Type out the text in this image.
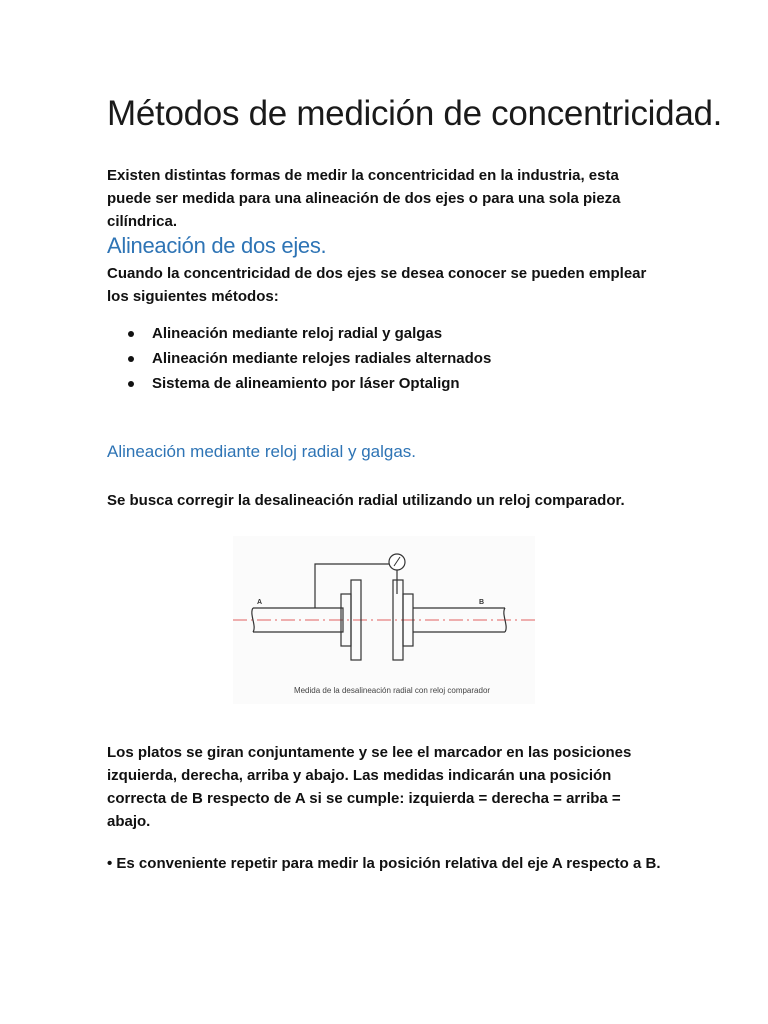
Métodos de medición de concentricidad.

Existen distintas formas de medir la concentricidad en la industria, esta puede ser medida para una alineación de dos ejes o para una sola pieza cilíndrica.

Alineación de dos ejes.

Cuando la concentricidad de dos ejes se desea conocer se pueden emplear los siguientes métodos:

Alineación mediante reloj radial y galgas
Alineación mediante relojes radiales alternados
Sistema de alineamiento por láser Optalign
Alineación mediante reloj radial y galgas.

Se busca corregir la desalineación radial utilizando un reloj comparador.

A	B
Medida de la desalineación radial con reloj comparador

Los platos se giran conjuntamente y se lee el marcador en las posiciones izquierda, derecha, arriba y abajo. Las medidas indicarán una posición correcta de B respecto de A si se cumple: izquierda = derecha = arriba = abajo.

• Es conveniente repetir para medir la posición relativa del eje A respecto a B.
